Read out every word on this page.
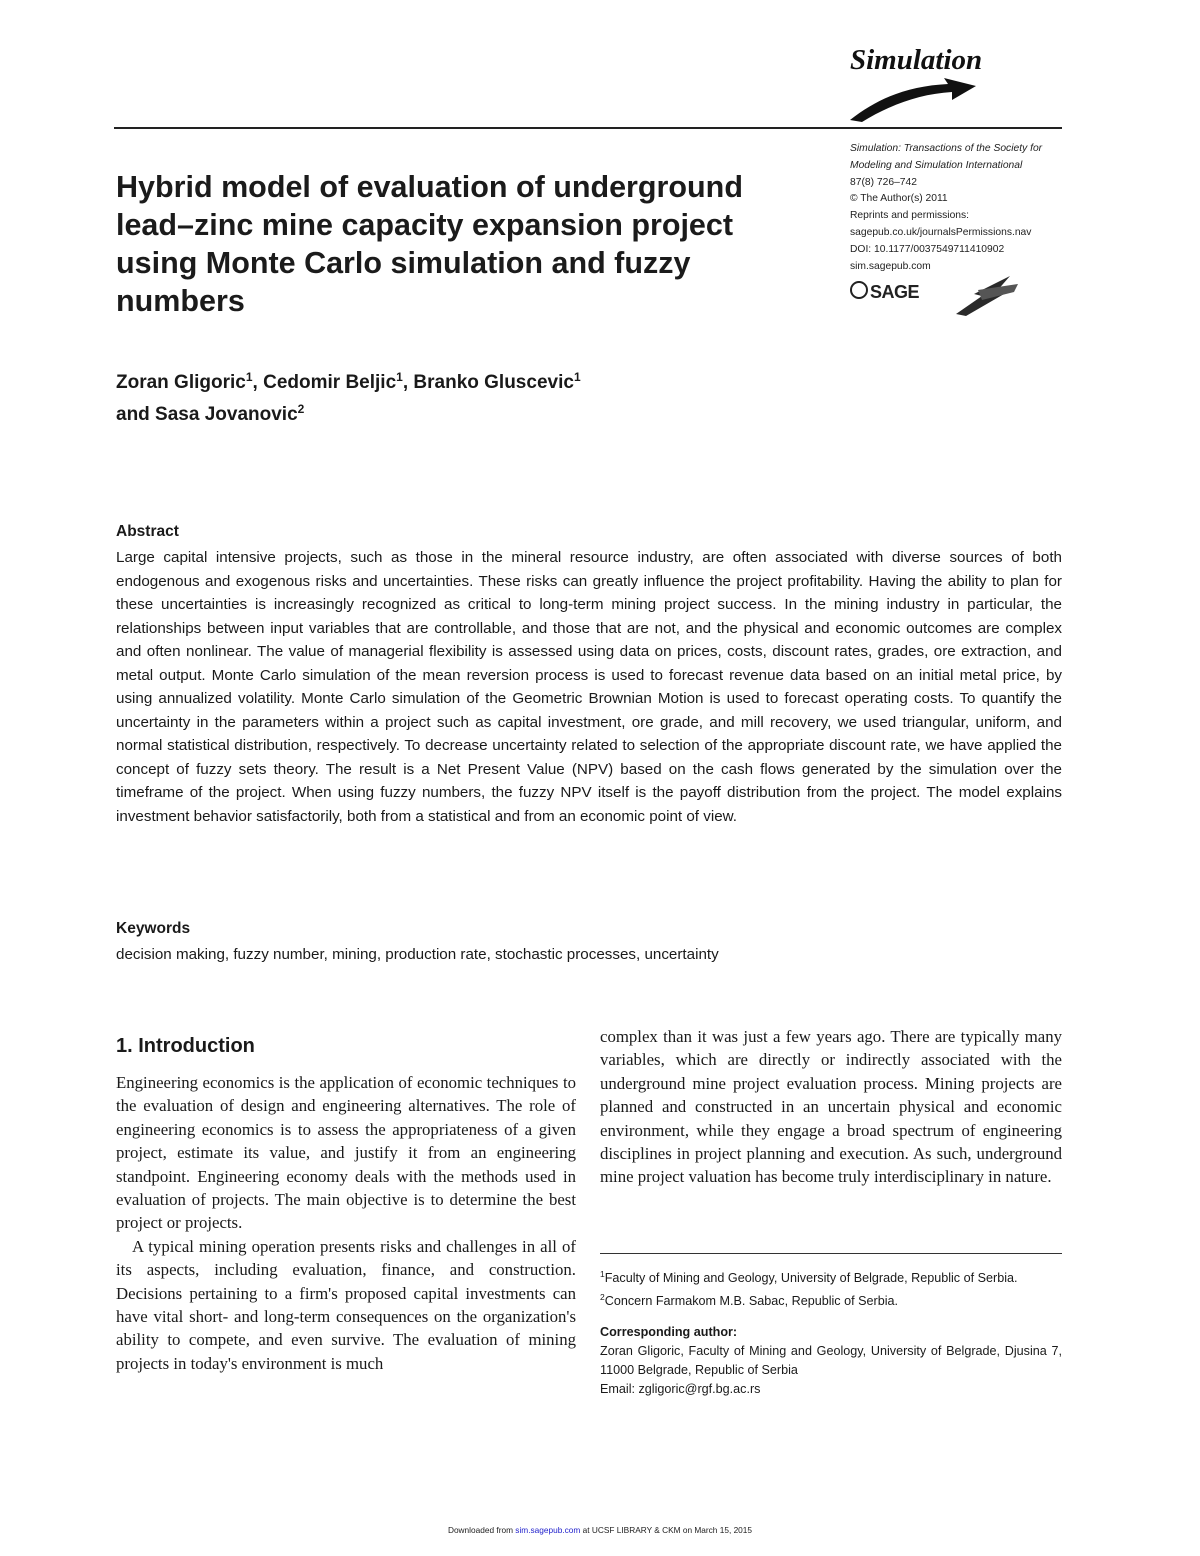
Simulation
Hybrid model of evaluation of underground lead–zinc mine capacity expansion project using Monte Carlo simulation and fuzzy numbers
Zoran Gligoric$^1$, Cedomir Beljic$^1$, Branko Gluscevic$^1$
and Sasa Jovanovic$^2$
Simulation: Transactions of the Society for
Modeling and Simulation International
87(8) 726–742
© The Author(s) 2011
Reprints and permissions:
sagepub.co.uk/journalsPermissions.nav
DOI: 10.1177/0037549711410902
sim.sagepub.com
SAGE
Abstract
Large capital intensive projects, such as those in the mineral resource industry, are often associated with diverse sources of both endogenous and exogenous risks and uncertainties. These risks can greatly influence the project profitability. Having the ability to plan for these uncertainties is increasingly recognized as critical to long-term mining project success. In the mining industry in particular, the relationships between input variables that are controllable, and those that are not, and the physical and economic outcomes are complex and often nonlinear. The value of managerial flexibility is assessed using data on prices, costs, discount rates, grades, ore extraction, and metal output. Monte Carlo simulation of the mean reversion process is used to forecast revenue data based on an initial metal price, by using annualized volatility. Monte Carlo simulation of the Geometric Brownian Motion is used to forecast operating costs. To quantify the uncertainty in the parameters within a project such as capital investment, ore grade, and mill recovery, we used triangular, uniform, and normal statistical distribution, respectively. To decrease uncertainty related to selection of the appropriate discount rate, we have applied the concept of fuzzy sets theory. The result is a Net Present Value (NPV) based on the cash flows generated by the simulation over the timeframe of the project. When using fuzzy numbers, the fuzzy NPV itself is the payoff distribution from the project. The model explains investment behavior satisfactorily, both from a statistical and from an economic point of view.
Keywords
decision making, fuzzy number, mining, production rate, stochastic processes, uncertainty
1. Introduction

Engineering economics is the application of economic techniques to the evaluation of design and engineering alternatives. The role of engineering economics is to assess the appropriateness of a given project, estimate its value, and justify it from an engineering standpoint. Engineering economy deals with the methods used in evaluation of projects. The main objective is to determine the best project or projects.

A typical mining operation presents risks and challenges in all of its aspects, including evaluation, finance, and construction. Decisions pertaining to a firm's proposed capital investments can have vital short- and long-term consequences on the organization's ability to compete, and even survive. The evaluation of mining projects in today's environment is much

complex than it was just a few years ago. There are typically many variables, which are directly or indirectly associated with the underground mine project evaluation process. Mining projects are planned and constructed in an uncertain physical and economic environment, while they engage a broad spectrum of engineering disciplines in project planning and execution. As such, underground mine project valuation has become truly interdisciplinary in nature.

$^1$Faculty of Mining and Geology, University of Belgrade, Republic of Serbia.

$^2$Concern Farmakom M.B. Sabac, Republic of Serbia.

Corresponding author:

Zoran Gligoric, Faculty of Mining and Geology, University of Belgrade, Djusina 7, 11000 Belgrade, Republic of Serbia

Email: zgligoric@rgf.bg.ac.rs

Downloaded from sim.sagepub.com at UCSF LIBRARY & CKM on March 15, 2015
